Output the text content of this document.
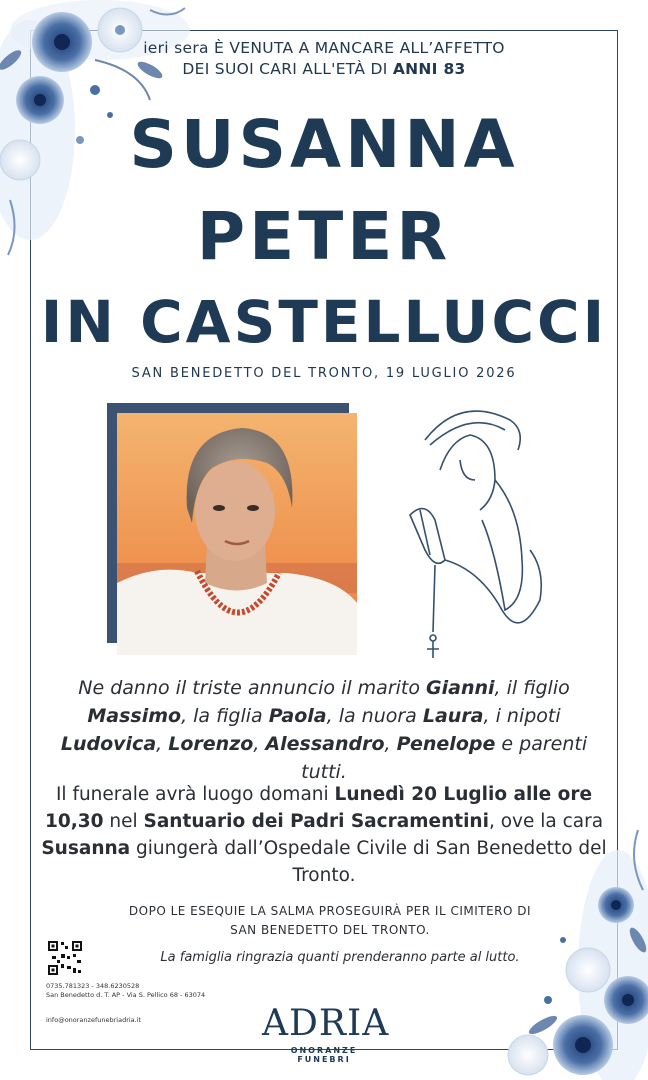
ieri sera È VENUTA A MANCARE ALL’AFFETTO
DEI SUOI CARI ALL'ETÀ DI ANNI 83
SUSANNA
PETER
IN CASTELLUCCI
SAN BENEDETTO DEL TRONTO, 19 LUGLIO 2026
Ne danno il triste annuncio il marito Gianni, il figlio
Massimo, la figlia Paola, la nuora Laura, i nipoti
Ludovica, Lorenzo, Alessandro, Penelope e parenti tutti.
Il funerale avrà luogo domani Lunedì 20 Luglio alle ore 10,30 nel Santuario dei Padri Sacramentini, ove la cara Susanna giungerà dall’Ospedale Civile di San Benedetto del Tronto.
DOPO LE ESEQUIE LA SALMA PROSEGUIRÀ PER IL CIMITERO DI
SAN BENEDETTO DEL TRONTO.
La famiglia ringrazia quanti prenderanno parte al lutto.
0735.781323 - 348.6230528
San Benedetto d. T. AP - Via S. Pellico 68 - 63074
info@onoranzefunebriadria.it	ADRIA
ONORANZE FUNEBRI
